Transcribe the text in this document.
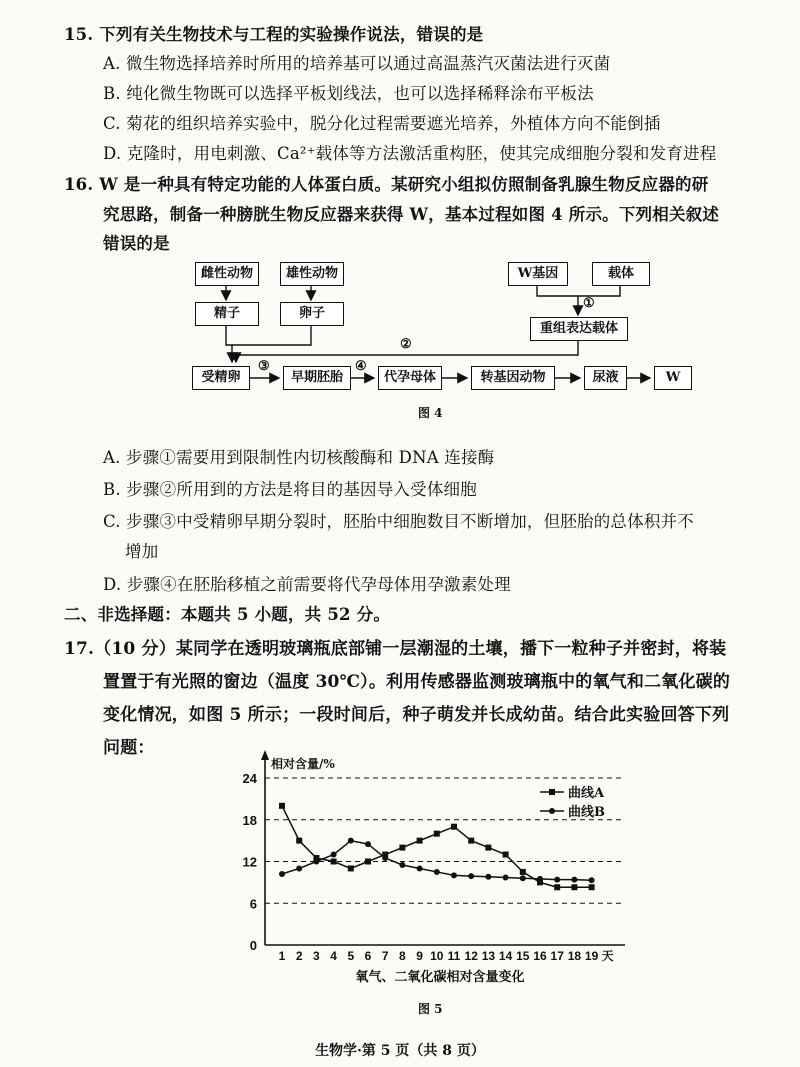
15. 下列有关生物技术与工程的实验操作说法，错误的是
A. 微生物选择培养时所用的培养基可以通过高温蒸汽灭菌法进行灭菌
B. 纯化微生物既可以选择平板划线法，也可以选择稀释涂布平板法
C. 菊花的组织培养实验中，脱分化过程需要遮光培养，外植体方向不能倒插
D. 克隆时，用电刺激、Ca²⁺载体等方法激活重构胚，使其完成细胞分裂和发育进程
16. W 是一种具有特定功能的人体蛋白质。某研究小组拟仿照制备乳腺生物反应器的研
究思路，制备一种膀胱生物反应器来获得 W，基本过程如图 4 所示。下列相关叙述
错误的是
雌性动物	雄性动物
精子	卵子
W基因	载体
重组表达载体
受精卵	早期胚胎	代孕母体	转基因动物	尿液	W
①
②
③	④
图 4
A. 步骤①需要用到限制性内切核酸酶和 DNA 连接酶
B. 步骤②所用到的方法是将目的基因导入受体细胞
C. 步骤③中受精卵早期分裂时，胚胎中细胞数目不断增加，但胚胎的总体积并不
增加
D. 步骤④在胚胎移植之前需要将代孕母体用孕激素处理
二、非选择题：本题共 5 小题，共 52 分。
17.（10 分）某同学在透明玻璃瓶底部铺一层潮湿的土壤，播下一粒种子并密封，将装
置置于有光照的窗边（温度 30℃）。利用传感器监测玻璃瓶中的氧气和二氧化碳的
变化情况，如图 5 所示；一段时间后，种子萌发并长成幼苗。结合此实验回答下列
问题：
0
6
12
18
24
1 2 3 4 5 6 7 8 9 10 11 12 13 14 15 16 17 18 19 天
相对含量/%
氧气、二氧化碳相对含量变化
曲线A
曲线B
图 5
生物学·第 5 页（共 8 页）
